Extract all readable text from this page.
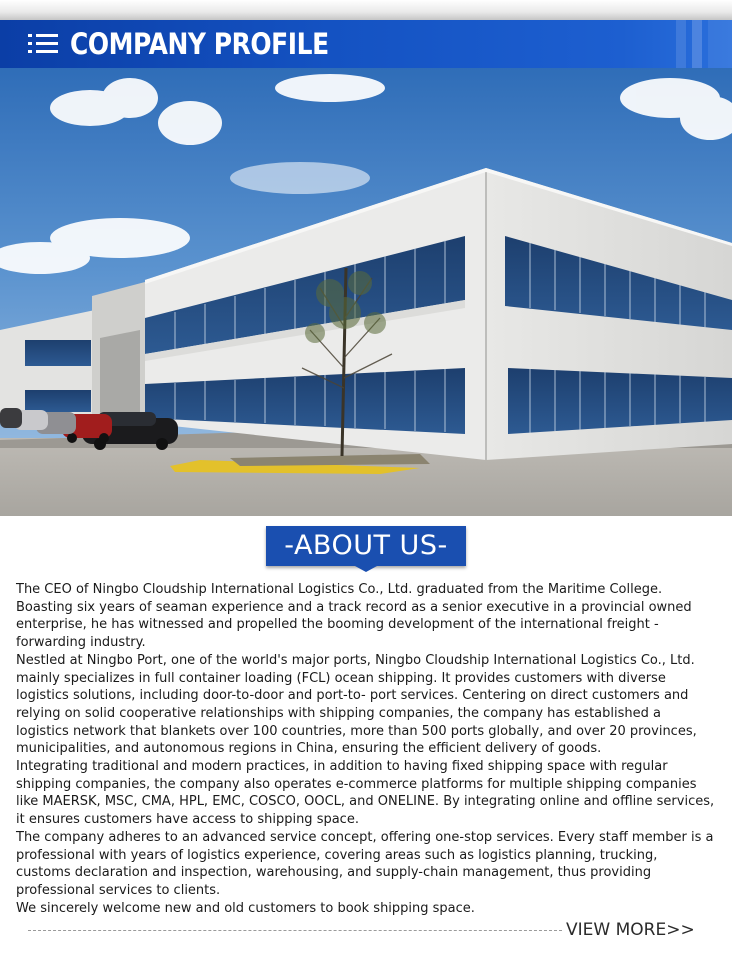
COMPANY PROFILE
-ABOUT US-

The CEO of Ningbo Cloudship International Logistics Co., Ltd. graduated from the Maritime College. Boasting six years of seaman experience and a track record as a senior executive in a provincial owned enterprise, he has witnessed and propelled the booming development of the international freight - forwarding industry.

Nestled at Ningbo Port, one of the world's major ports, Ningbo Cloudship International Logistics Co., Ltd. mainly specializes in full container loading (FCL) ocean shipping. It provides customers with diverse logistics solutions, including door-to-door and port-to- port services. Centering on direct customers and relying on solid cooperative relationships with shipping companies, the company has established a logistics network that blankets over 100 countries, more than 500 ports globally, and over 20 provinces, municipalities, and autonomous regions in China, ensuring the efficient delivery of goods.

Integrating traditional and modern practices, in addition to having fixed shipping space with regular shipping companies, the company also operates e-commerce platforms for multiple shipping companies like MAERSK, MSC, CMA, HPL, EMC, COSCO, OOCL, and ONELINE. By integrating online and offline services, it ensures customers have access to shipping space.

The company adheres to an advanced service concept, offering one-stop services. Every staff member is a professional with years of logistics experience, covering areas such as logistics planning, trucking, customs declaration and inspection, warehousing, and supply-chain management, thus providing professional services to clients.

We sincerely welcome new and old customers to book shipping space.

VIEW MORE>>
